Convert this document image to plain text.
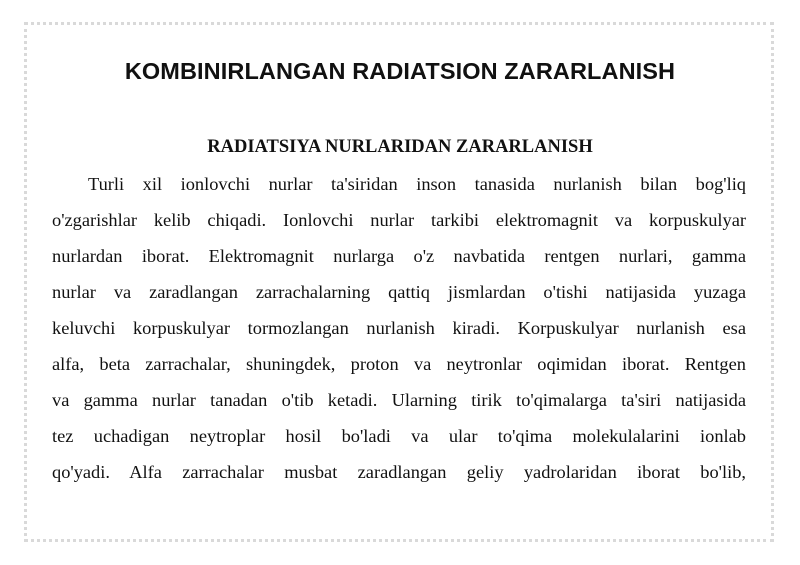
KOMBINIRLANGAN RADIATSION ZARARLANISH
RADIATSIYA NURLARIDAN ZARARLANISH
Turli xil ionlovchi nurlar ta'siridan inson tanasida nurlanish bilan bog'liq
o'zgarishlar kelib chiqadi. Ionlovchi nurlar tarkibi elektromagnit va korpuskulyar
nurlardan iborat. Elektromagnit nurlarga o'z navbatida rentgen nurlari, gamma
nurlar va zaradlangan zarrachalarning qattiq jismlardan o'tishi natijasida yuzaga
keluvchi korpuskulyar tormozlangan nurlanish kiradi. Korpuskulyar nurlanish esa
alfa, beta zarrachalar, shuningdek, proton va neytronlar oqimidan iborat. Rentgen
va gamma nurlar tanadan o'tib ketadi. Ularning tirik to'qimalarga ta'siri natijasida
tez uchadigan neytroplar hosil bo'ladi va ular to'qima molekulalarini ionlab
qo'yadi. Alfa zarrachalar musbat zaradlangan geliy yadrolaridan iborat bo'lib,
